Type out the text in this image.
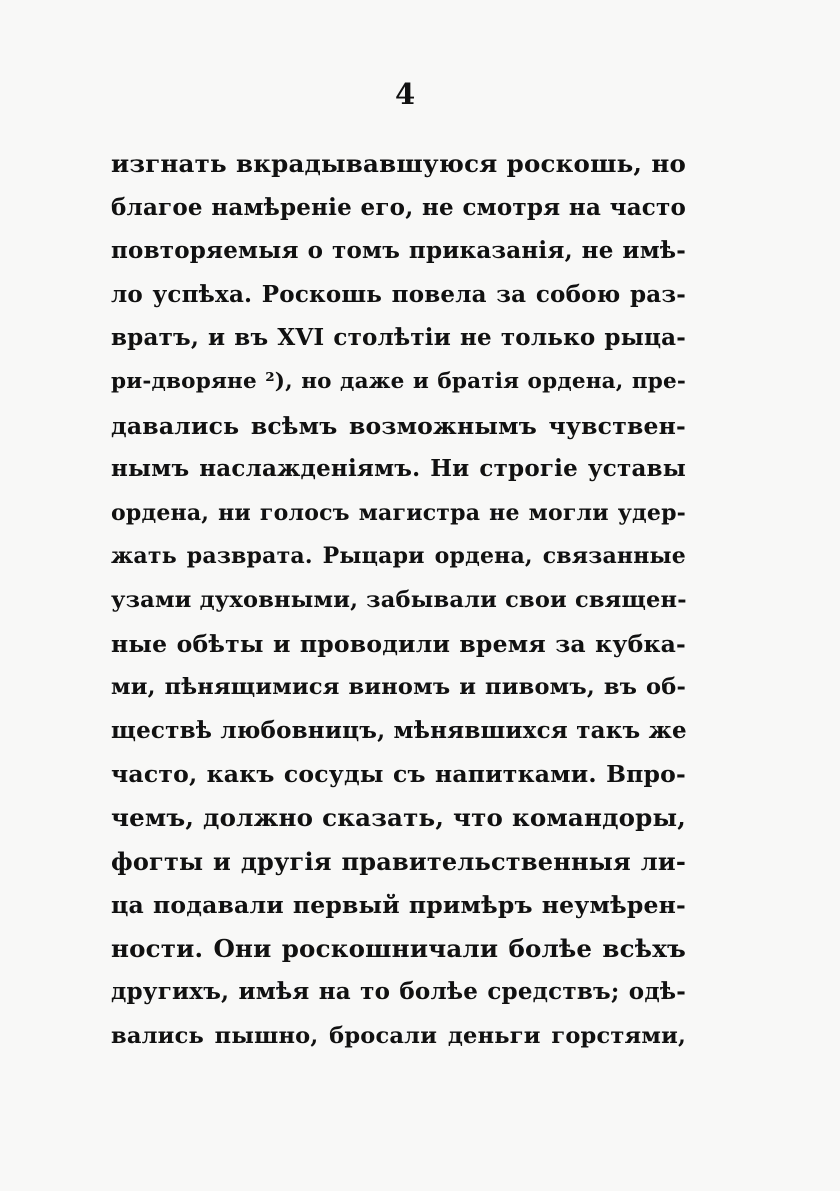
4
изгнать вкрадывавшуюся роскошь, но
благое намѣреніе его, не смотря на часто
повторяемыя о томъ приказанія, не имѣ-
ло успѣха. Роскошь повела за собою раз-
вратъ, и въ XVI столѣтіи не только рыца-
ри-дворяне ²), но даже и братія ордена, пре-
давались всѣмъ возможнымъ чувствен-
нымъ наслажденіямъ. Ни строгіе уставы
ордена, ни голосъ магистра не могли удер-
жать разврата. Рыцари ордена, связанные
узами духовными, забывали свои священ-
ные обѣты и проводили время за кубка-
ми, пѣнящимися виномъ и пивомъ, въ об-
ществѣ любовницъ, мѣнявшихся такъ же
часто, какъ сосуды съ напитками. Впро-
чемъ, должно сказать, что командоры,
фогты и другія правительственныя ли-
ца подавали первый примѣръ неумѣрен-
ности. Они роскошничали болѣе всѣхъ
другихъ, имѣя на то болѣе средствъ; одѣ-
вались пышно, бросали деньги горстями,
